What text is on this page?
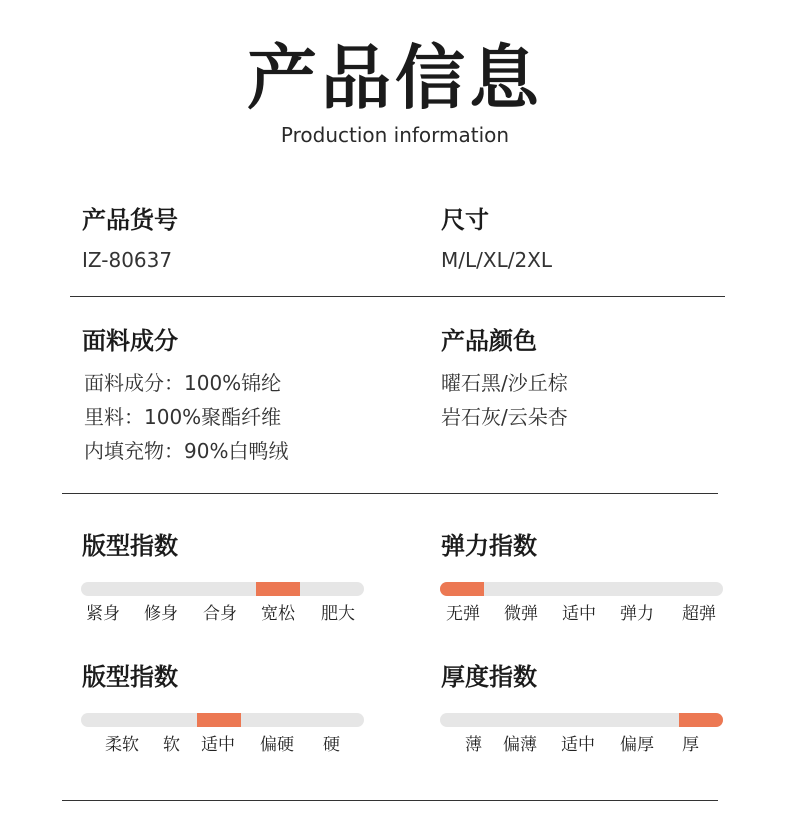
产品信息
Production information
产品货号
IZ-80637
尺寸
M/L/XL/2XL
面料成分
面料成分：100%锦纶
里料：100%聚酯纤维
内填充物：90%白鸭绒
产品颜色
曜石黑/沙丘棕
岩石灰/云朵杏
版型指数
紧身 修身 合身 宽松 肥大
弹力指数
无弹 微弹 适中 弹力 超弹
版型指数
柔软 软 适中 偏硬 硬
厚度指数
薄 偏薄 适中 偏厚 厚
